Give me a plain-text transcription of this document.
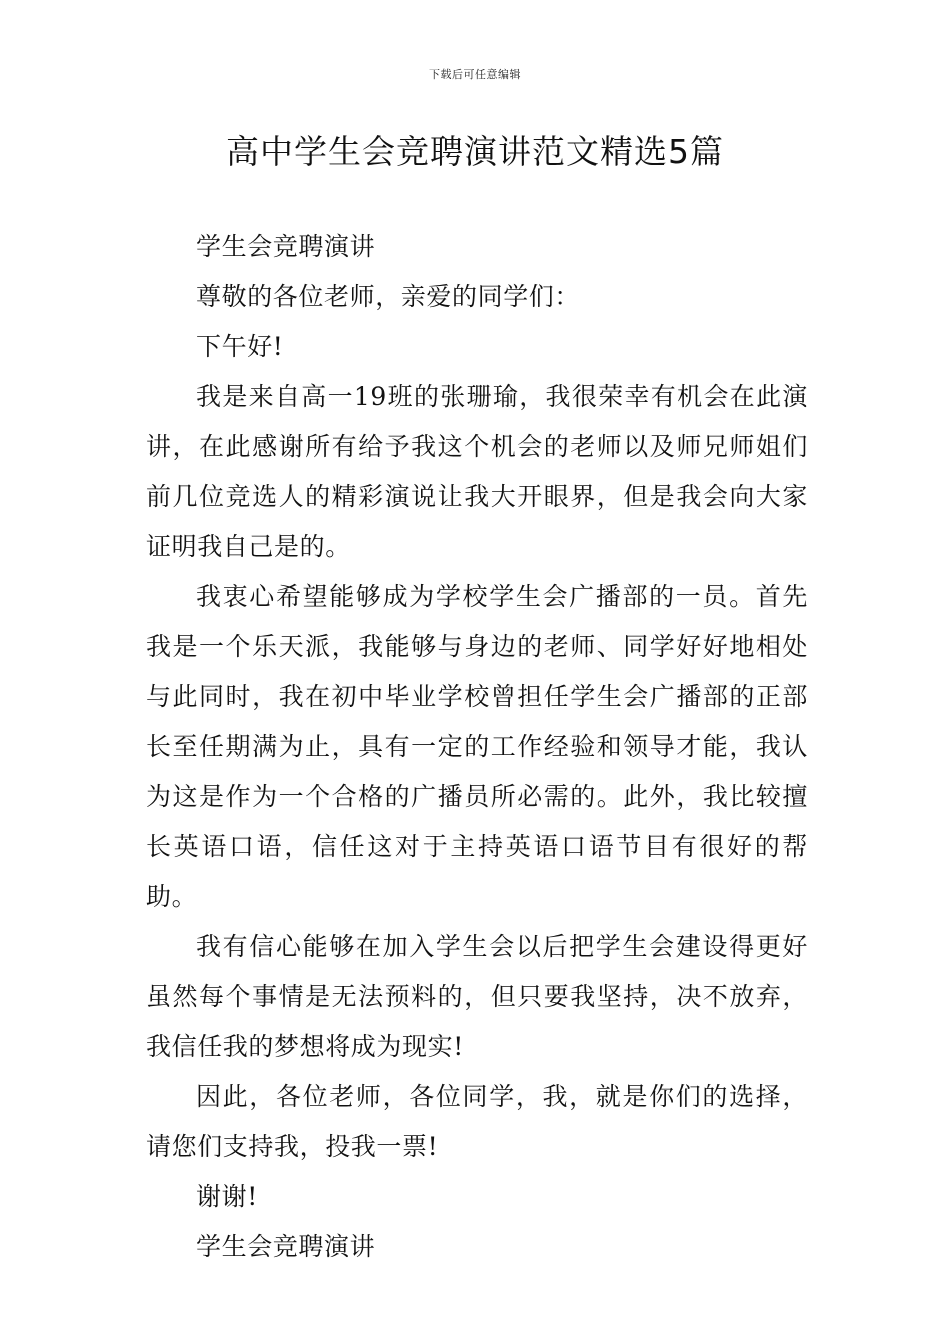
下载后可任意编辑
高中学生会竞聘演讲范文精选5篇

学生会竞聘演讲

尊敬的各位老师，亲爱的同学们：

下午好!

我是来自高一19班的张珊瑜，我很荣幸有机会在此演讲，在此感谢所有给予我这个机会的老师以及师兄师姐们前几位竞选人的精彩演说让我大开眼界，但是我会向大家证明我自己是的。

我衷心希望能够成为学校学生会广播部的一员。首先我是一个乐天派，我能够与身边的老师、同学好好地相处与此同时，我在初中毕业学校曾担任学生会广播部的正部长至任期满为止，具有一定的工作经验和领导才能，我认为这是作为一个合格的广播员所必需的。此外，我比较擅长英语口语，信任这对于主持英语口语节目有很好的帮助。

我有信心能够在加入学生会以后把学生会建设得更好虽然每个事情是无法预料的，但只要我坚持，决不放弃，我信任我的梦想将成为现实!

因此，各位老师，各位同学，我，就是你们的选择，请您们支持我，投我一票!

谢谢!

学生会竞聘演讲
